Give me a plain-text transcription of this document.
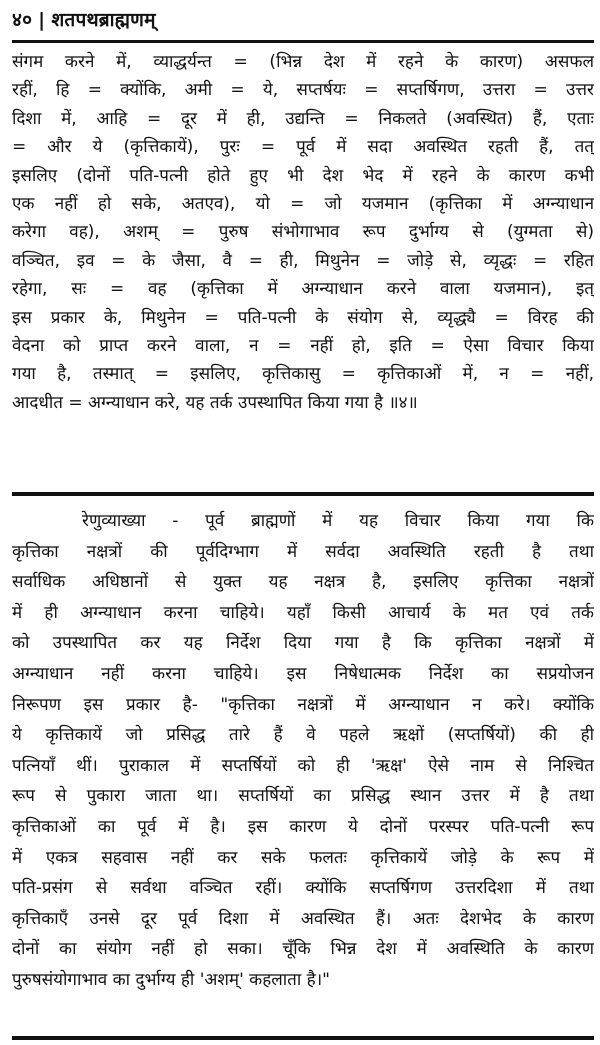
४० | शतपथब्राह्मणम्
संगम करने में, व्याद्धर्यन्त = (भिन्न देश में रहने के कारण) असफल
रहीं, हि = क्योंकि, अमी = ये, सप्तर्षयः = सप्तर्षिगण, उत्तरा = उत्तर
दिशा में, आहि = दूर में ही, उद्यन्ति = निकलते (अवस्थित) हैं, एताः
= और ये (कृत्तिकायें), पुरः = पूर्व में सदा अवस्थित रहती हैं, तत्
इसलिए (दोनों पति-पत्नी होते हुए भी देश भेद में रहने के कारण कभी
एक नहीं हो सके, अतएव), यो = जो यजमान (कृत्तिका में अग्न्याधान
करेगा वह), अशम् = पुरुष संभोगाभाव रूप दुर्भाग्य से (युग्मता से)
वञ्चित, इव = के जैसा, वै = ही, मिथुनेन = जोड़े से, व्यृद्धः = रहित
रहेगा, सः = वह (कृत्तिका में अग्न्याधान करने वाला यजमान), इत्
इस प्रकार के, मिथुनेन = पति-पत्नी के संयोग से, व्यृद्ध्यै = विरह की
वेदना को प्राप्त करने वाला, न = नहीं हो, इति = ऐसा विचार किया
गया है, तस्मात् = इसलिए, कृत्तिकासु = कृत्तिकाओं में, न = नहीं,
आदधीत = अग्न्याधान करे, यह तर्क उपस्थापित किया गया है ॥४॥
रेणुव्याख्या - पूर्व ब्राह्मणों में यह विचार किया गया कि
कृत्तिका नक्षत्रों की पूर्वदिग्भाग में सर्वदा अवस्थिति रहती है तथा
सर्वाधिक अधिष्ठानों से युक्त यह नक्षत्र है, इसलिए कृत्तिका नक्षत्रों
में ही अग्न्याधान करना चाहिये। यहाँ किसी आचार्य के मत एवं तर्क
को उपस्थापित कर यह निर्देश दिया गया है कि कृत्तिका नक्षत्रों में
अग्न्याधान नहीं करना चाहिये। इस निषेधात्मक निर्देश का सप्रयोजन
निरूपण इस प्रकार है- "कृत्तिका नक्षत्रों में अग्न्याधान न करे। क्योंकि
ये कृत्तिकायें जो प्रसिद्ध तारे हैं वे पहले ऋक्षों (सप्तर्षियों) की ही
पत्नियाँ थीं। पुराकाल में सप्तर्षियों को ही 'ऋक्ष' ऐसे नाम से निश्चित
रूप से पुकारा जाता था। सप्तर्षियों का प्रसिद्ध स्थान उत्तर में है तथा
कृत्तिकाओं का पूर्व में है। इस कारण ये दोनों परस्पर पति-पत्नी रूप
में एकत्र सहवास नहीं कर सके फलतः कृत्तिकायें जोड़े के रूप में
पति-प्रसंग से सर्वथा वञ्चित रहीं। क्योंकि सप्तर्षिगण उत्तरदिशा में तथा
कृत्तिकाएँ उनसे दूर पूर्व दिशा में अवस्थित हैं। अतः देशभेद के कारण
दोनों का संयोग नहीं हो सका। चूँकि भिन्न देश में अवस्थिति के कारण
पुरुषसंयोगाभाव का दुर्भाग्य ही 'अशम्' कहलाता है।"
